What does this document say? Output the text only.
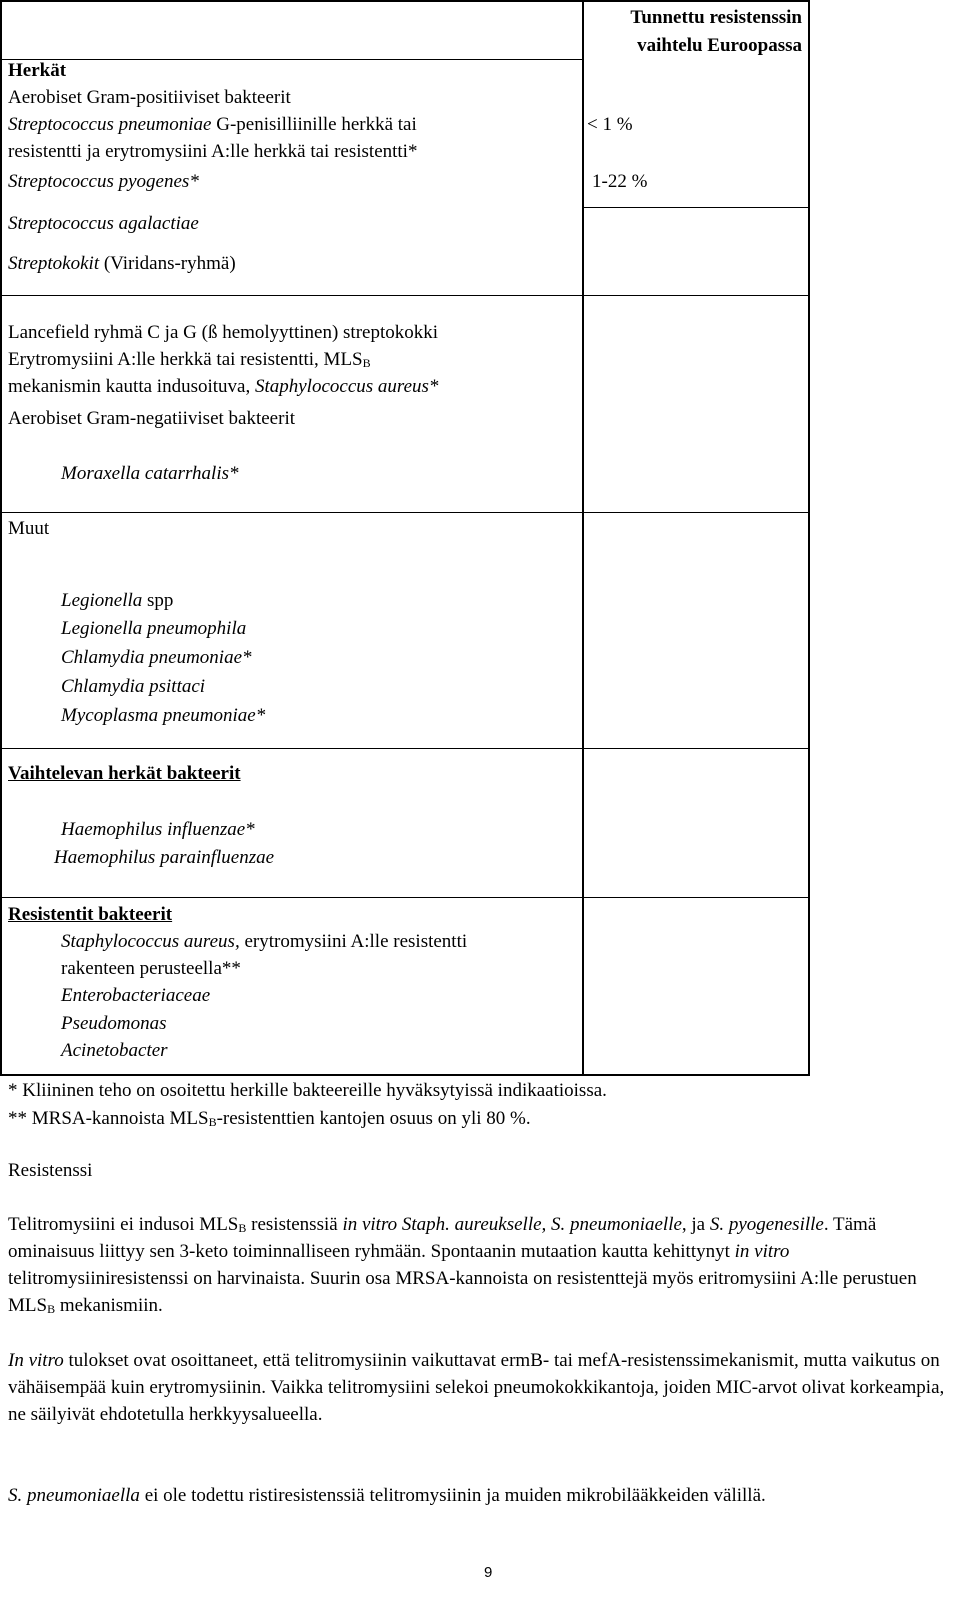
Tunnettu resistenssin
vaihtelu Euroopassa
Herkät
Aerobiset Gram-positiiviset bakteerit
Streptococcus pneumoniae G-penisilliinille herkkä tai
resistentti ja erytromysiini A:lle herkkä tai resistentti*
< 1 %
Streptococcus pyogenes*	1-22 %
Streptococcus agalactiae
Streptokokit (Viridans-ryhmä)
Lancefield ryhmä C ja G (ß hemolyyttinen) streptokokki
Erytromysiini A:lle herkkä tai resistentti, $MLS_B$
mekanismin kautta indusoituva, Staphylococcus aureus*
Aerobiset Gram-negatiiviset bakteerit
Moraxella catarrhalis*
Muut
Legionella spp
Legionella pneumophila
Chlamydia pneumoniae*
Chlamydia psittaci
Mycoplasma pneumoniae*
Vaihtelevan herkät bakteerit
Haemophilus influenzae*
Haemophilus parainfluenzae
Resistentit bakteerit
Staphylococcus aureus, erytromysiini A:lle resistentti
rakenteen perusteella**
Enterobacteriaceae
Pseudomonas
Acinetobacter
* Kliininen teho on osoitettu herkille bakteereille hyväksytyissä indikaatioissa.
** MRSA-kannoista $MLS_B$-resistenttien kantojen osuus on yli 80 %.
Resistenssi

Telitromysiini ei indusoi $MLS_B$ resistenssiä in vitro Staph. aureukselle, S. pneumoniaelle, ja S. pyogenesille. Tämä ominaisuus liittyy sen 3-keto toiminnalliseen ryhmään. Spontaanin mutaation kautta kehittynyt in vitro telitromysiiniresistenssi on harvinaista. Suurin osa MRSA-kannoista on resistenttejä myös eritromysiini A:lle perustuen $MLS_B$ mekanismiin.

In vitro tulokset ovat osoittaneet, että telitromysiinin vaikuttavat ermB- tai mefA-resistenssimekanismit, mutta vaikutus on vähäisempää kuin erytromysiinin. Vaikka telitromysiini selekoi pneumokokkikantoja, joiden MIC-arvot olivat korkeampia, ne säilyivät ehdotetulla herkkyysalueella.

S. pneumoniaella ei ole todettu ristiresistenssiä telitromysiinin ja muiden mikrobilääkkeiden välillä.

9
